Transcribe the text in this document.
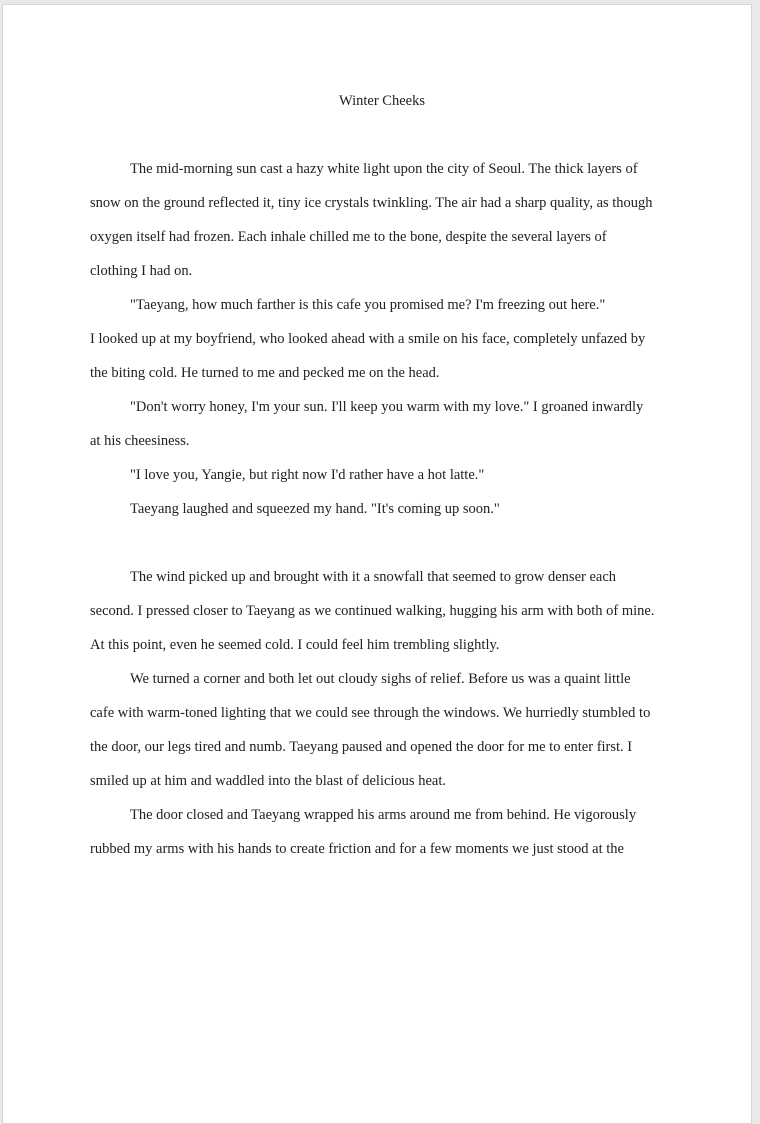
Winter Cheeks
The mid-morning sun cast a hazy white light upon the city of Seoul. The thick layers of
snow on the ground reflected it, tiny ice crystals twinkling. The air had a sharp quality, as though
oxygen itself had frozen. Each inhale chilled me to the bone, despite the several layers of
clothing I had on.
"Taeyang, how much farther is this cafe you promised me? I'm freezing out here."
I looked up at my boyfriend, who looked ahead with a smile on his face, completely unfazed by
the biting cold. He turned to me and pecked me on the head.
"Don't worry honey, I'm your sun. I'll keep you warm with my love." I groaned inwardly
at his cheesiness.
"I love you, Yangie, but right now I'd rather have a hot latte."
Taeyang laughed and squeezed my hand. "It's coming up soon."
The wind picked up and brought with it a snowfall that seemed to grow denser each
second. I pressed closer to Taeyang as we continued walking, hugging his arm with both of mine.
At this point, even he seemed cold. I could feel him trembling slightly.
We turned a corner and both let out cloudy sighs of relief. Before us was a quaint little
cafe with warm-toned lighting that we could see through the windows. We hurriedly stumbled to
the door, our legs tired and numb. Taeyang paused and opened the door for me to enter first. I
smiled up at him and waddled into the blast of delicious heat.
The door closed and Taeyang wrapped his arms around me from behind. He vigorously
rubbed my arms with his hands to create friction and for a few moments we just stood at the
